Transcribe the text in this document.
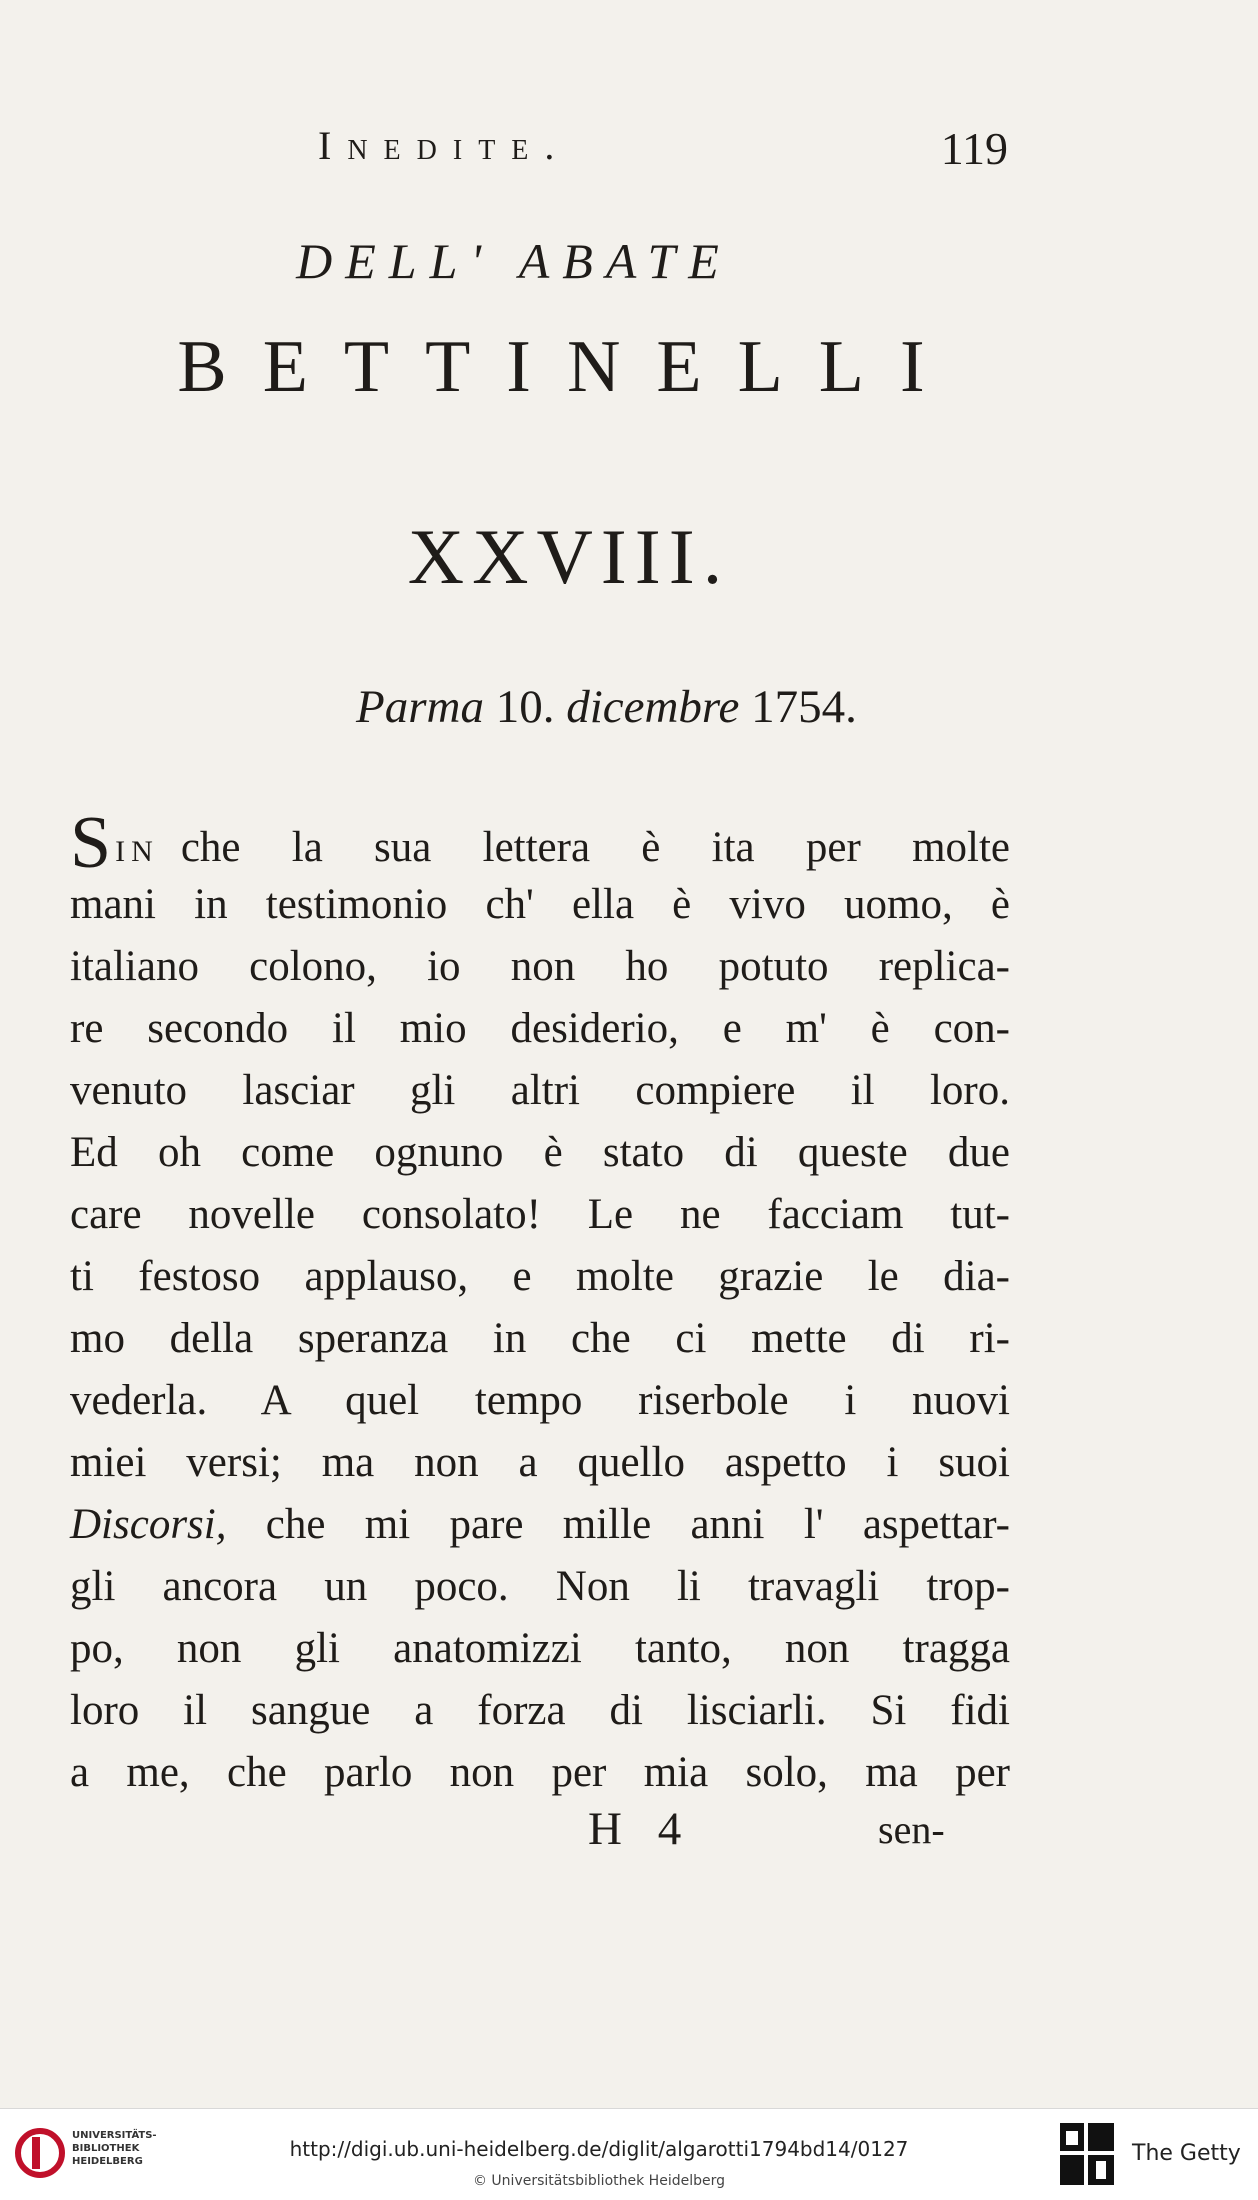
Inedite.	119
DELL' ABATE
BETTINELLI
XXVIII.
Parma 10. dicembre 1754.
Sin che la sua lettera è ita per molte
mani in testimonio ch' ella è vivo uomo, è
italiano colono, io non ho potuto replica-
re secondo il mio desiderio, e m' è con-
venuto lasciar gli altri compiere il loro.
Ed oh come ognuno è stato di queste due
care novelle consolato! Le ne facciam tut-
ti festoso applauso, e molte grazie le dia-
mo della speranza in che ci mette di ri-
vederla. A quel tempo riserbole i nuovi
miei versi; ma non a quello aspetto i suoi
Discorsi, che mi pare mille anni l' aspettar-
gli ancora un poco. Non li travagli trop-
po, non gli anatomizzi tanto, non tragga
loro il sangue a forza di lisciarli. Si fidi
a me, che parlo non per mia solo, ma per
H 4	sen-
UNIVERSITÄTS-
BIBLIOTHEK
HEIDELBERG
http://digi.ub.uni-heidelberg.de/diglit/algarotti1794bd14/0127
© Universitätsbibliothek Heidelberg
The Getty
